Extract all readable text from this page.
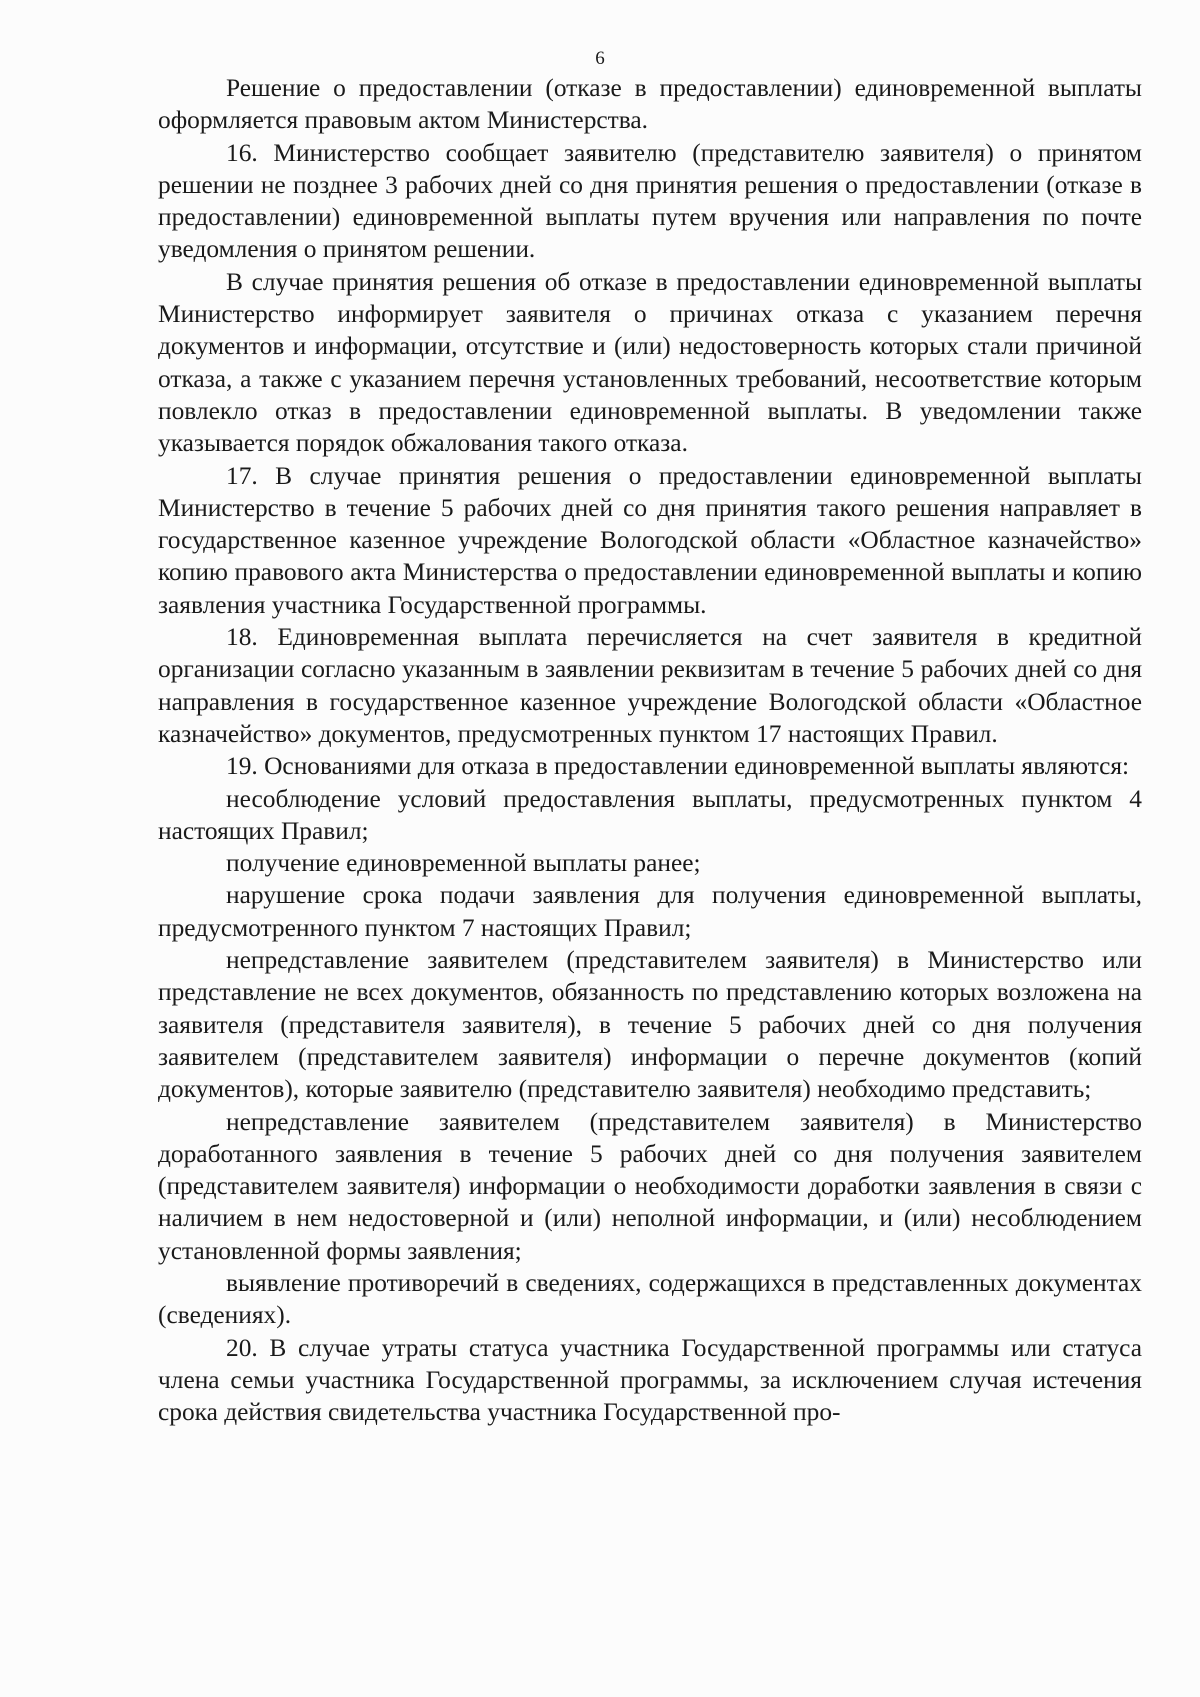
6

Решение о предоставлении (отказе в предоставлении) единовременной выплаты оформляется правовым актом Министерства.

16. Министерство сообщает заявителю (представителю заявителя) о принятом решении не позднее 3 рабочих дней со дня принятия решения о предоставлении (отказе в предоставлении) единовременной выплаты путем вручения или направления по почте уведомления о принятом решении.

В случае принятия решения об отказе в предоставлении единовременной выплаты Министерство информирует заявителя о причинах отказа с указанием перечня документов и информации, отсутствие и (или) недостоверность которых стали причиной отказа, а также с указанием перечня установленных требований, несоответствие которым повлекло отказ в предоставлении единовременной выплаты. В уведомлении также указывается порядок обжалования такого отказа.

17. В случае принятия решения о предоставлении единовременной выплаты Министерство в течение 5 рабочих дней со дня принятия такого решения направляет в государственное казенное учреждение Вологодской области «Областное казначейство» копию правового акта Министерства о предоставлении единовременной выплаты и копию заявления участника Государственной программы.

18. Единовременная выплата перечисляется на счет заявителя в кредитной организации согласно указанным в заявлении реквизитам в течение 5 рабочих дней со дня направления в государственное казенное учреждение Вологодской области «Областное казначейство» документов, предусмотренных пунктом 17 настоящих Правил.

19. Основаниями для отказа в предоставлении единовременной выплаты являются:

несоблюдение условий предоставления выплаты, предусмотренных пунктом 4 настоящих Правил;

получение единовременной выплаты ранее;

нарушение срока подачи заявления для получения единовременной выплаты, предусмотренного пунктом 7 настоящих Правил;

непредставление заявителем (представителем заявителя) в Министерство или представление не всех документов, обязанность по представлению которых возложена на заявителя (представителя заявителя), в течение 5 рабочих дней со дня получения заявителем (представителем заявителя) информации о перечне документов (копий документов), которые заявителю (представителю заявителя) необходимо представить;

непредставление заявителем (представителем заявителя) в Министерство доработанного заявления в течение 5 рабочих дней со дня получения заявителем (представителем заявителя) информации о необходимости доработки заявления в связи с наличием в нем недостоверной и (или) неполной информации, и (или) несоблюдением установленной формы заявления;

выявление противоречий в сведениях, содержащихся в представленных документах (сведениях).

20. В случае утраты статуса участника Государственной программы или статуса члена семьи участника Государственной программы, за исключением случая истечения срока действия свидетельства участника Государственной про-
